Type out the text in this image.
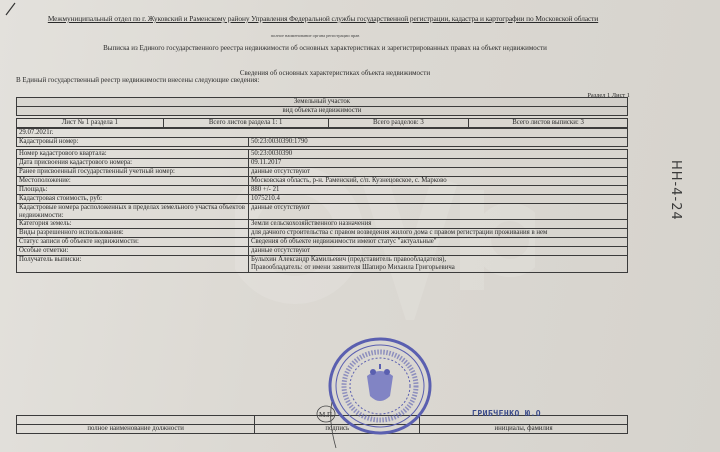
Межмуниципальный отдел по г. Жуковский и Раменскому району Управления Федеральной службы государственной регистрации, кадастра и картографии по Московской области
полное наименование органа регистрации прав
Выписка из Единого государственного реестра недвижимости об основных характеристиках и зарегистрированных правах на объект недвижимости
Сведения об основных характеристиках объекта недвижимости
В Единый государственный реестр недвижимости внесены следующие сведения:
Раздел 1 Лист 1
Земельный участок
вид объекта недвижимости
Лист № 1 раздела 1	Всего листов раздела 1: 1	Всего разделов: 3	Всего листов выписки: 3
29.07.2021г.	
Кадастровый номер:	50:23:0030390:1790

Номер кадастрового квартала:	50:23:0030390
Дата присвоения кадастрового номера:	09.11.2017
Ранее присвоенный государственный учетный номер:	данные отсутствуют
Местоположение:	Московская область, р-н. Раменский, с/п. Кузнецовское, с. Марково
Площадь:	880 +/- 21
Кадастровая стоимость, руб:	1075210.4
Кадастровые номера расположенных в пределах земельного участка объектов недвижимости:	данные отсутствуют
Категория земель:	Земли сельскохозяйственного назначения
Виды разрешенного использования:	для дачного строительства с правом возведения жилого дома с правом регистрации проживания в нем
Статус записи об объекте недвижимости:	Сведения об объекте недвижимости имеют статус "актуальные"
Особые отметки:	данные отсутствуют
Получатель выписки:	Булыхин Александр Камильевич (представитель правообладателя),
Правообладатель: от имени заявителя Шапиро Михаила Григорьевича

полное наименование должности	подпись	инициалы, фамилия
ГРИБЧЕНКО Ю.О
М.П.
НН-4-24
